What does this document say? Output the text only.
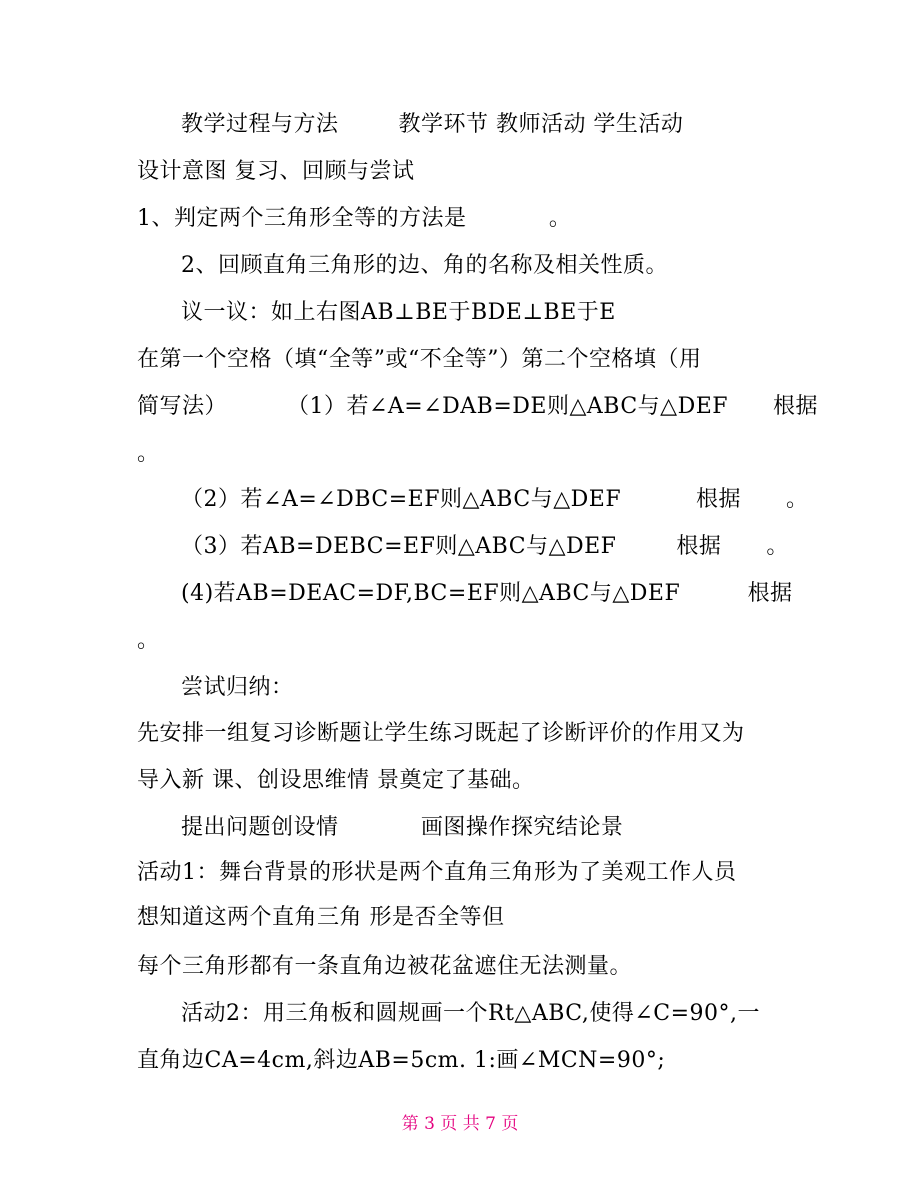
教学过程与方法        教学环节 教师活动 学生活动
设计意图 复习、回顾与尝试
1、判定两个三角形全等的方法是           。
2、回顾直角三角形的边、角的名称及相关性质。
议一议：如上右图AB⊥BE于BDE⊥BE于E
在第一个空格（填“全等”或“不全等”）第二个空格填（用
简写法）        （1）若∠A=∠DAB=DE则△ABC与△DEF      根据
。
（2）若∠A=∠DBC=EF则△ABC与△DEF          根据      。
（3）若AB=DEBC=EF则△ABC与△DEF        根据      。
(4)若AB=DEAC=DF,BC=EF则△ABC与△DEF         根据
。
尝试归纳：
先安排一组复习诊断题让学生练习既起了诊断评价的作用又为
导入新 课、创设思维情 景奠定了基础。
提出问题创设情           画图操作探究结论景
活动1：舞台背景的形状是两个直角三角形为了美观工作人员
想知道这两个直角三角 形是否全等但
每个三角形都有一条直角边被花盆遮住无法测量。
活动2：用三角板和圆规画一个Rt△ABC,使得∠C=90°,一
直角边CA=4cm,斜边AB=5cm. 1:画∠MCN=90°;
第 3 页 共 7 页
